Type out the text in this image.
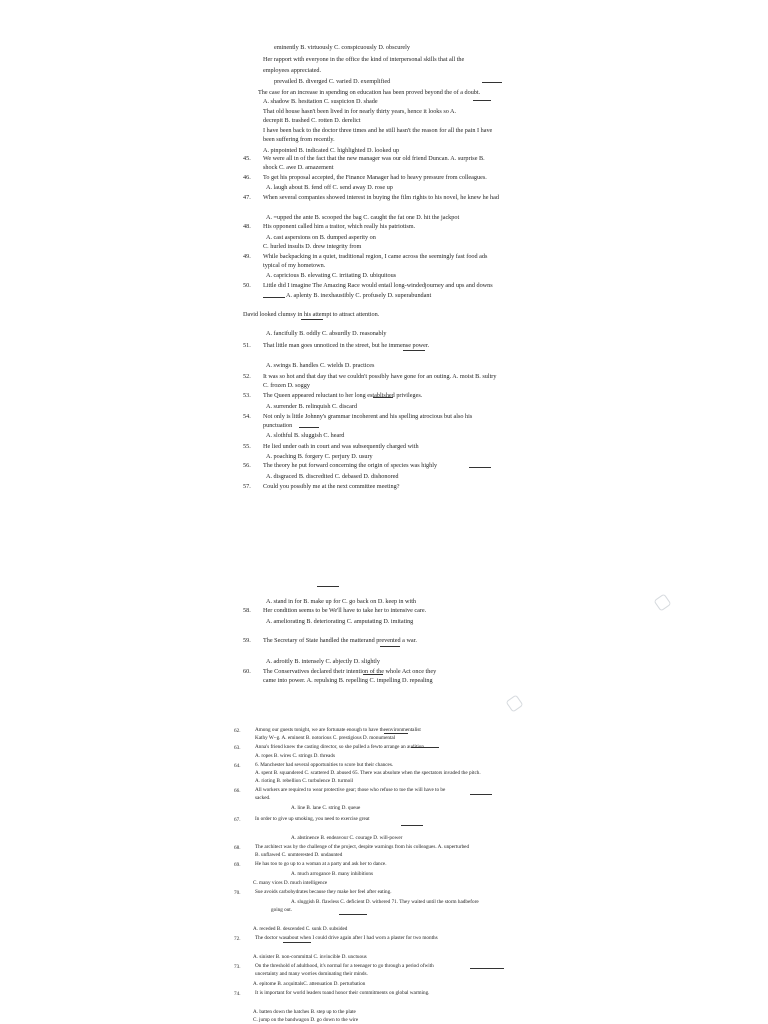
eminently B. virtuously C. conspicuously D. obscurely
Her rapport with everyone in the office the kind of interpersonal skills that all the
employees appreciated.
prevailed B. diverged C. varied D. exemplified
The case for an increase in spending on education has been proved beyond the of a doubt.
A. shadow B. hesitation C. suspicion D. shade
That old house hasn't been lived in for nearly thirty years, hence it looks so A.
decrepit B. trashed C. rotten D. derelict
I have been back to the doctor three times and he still hasn't the reason for all the pain I have
been suffering from recently.
A. pinpointed B. indicated C. highlighted D. looked up
45. We were all in of the fact that the new manager was our old friend Duncan. A. surprise B.
shock C. awe D. amazement
46. To get his proposal accepted, the Finance Manager had to heavy pressure from colleagues.
A. laugh about B. fend off C. send away D. rose up
47. When several companies showed interest in buying the film rights to his novel, he knew he had
A. =upped the ante B. scooped the bag C. caught the fat one D. hit the jackpot
48. His opponent called him a traitor, which really his patriotism.
A. cast aspersions on B. dumped asperity on
C. hurled insults D. drew integrity from
49. While backpacking in a quiet, traditional region, I came across the seemingly fast food ads
typical of my hometown.
A. capricious B. elevating C. irritating D. ubiquitous
50. Little did I imagine The Amazing Race would entail long-windedjourney and ups and downs
A. aplenty B. inexhaustibly C. profusely D. superabundant
David looked clumsy in his attempt to attract attention.
A. fancifully B. oddly C. absurdly D. reasonably
51. That little man goes unnoticed in the street, but he immense power.
A. swings B. handles C. wields D. practices
52. It was so hot and that day that we couldn't possibly have gone for an outing. A. moist B. sultry
C. frozen D. soggy
53. The Queen appeared reluctant to her long established privileges.
A. surrender B. relinquish C. discard
54. Not only is little Johnny's grammar incoherent and his spelling atrocious but also his
punctuation
A. slothful B. sluggish C. heard
55. He lied under oath in court and was subsequently charged with
A. poaching B. forgery C. perjury D. usury
56. The theory he put forward concerning the origin of species was highly
A. disgraced B. discredited C. debased D. dishonored
57. Could you possibly me at the next committee meeting?
A. stand in for B. make up for C. go back on D. keep in with
58. Her condition seems to be We'll have to take her to intensive care.
A. ameliorating B. deteriorating C. amputating D. imitating
59. The Secretary of State handled the matterand prevented a war.
A. adroitly B. intensely C. abjectly D. slightly
60. The Conservatives declared their intention of the whole Act once they
came into power. A. repulsing B. repelling C. impelling D. repealing
62.	Among our guests tonight, we are fortunate enough to have theenvironmentalist
Kathy W~g. A. eminent B. notorious C. prestigious D. monumental
63.	Anna's friend knew the casting director, so she pulled a fewto arrange an audition.
A. ropes B. wires C. strings D. threads
64.	6. Manchester had several opportunities to score but their chances.
A. spent B. squandered C. scattered D. abused 65. There was absolute when the spectators invaded the pitch.
A. rioting B. rebellion C. turbulence D. turmoil
66.	All workers are required to wear protective gear; those who refuse to toe the will have to be
sacked.
A. line B. lane C. string D. queue
67.	In order to give up smoking, you need to exercise great
A. abstinence B. endeavour C. courage D. will-power
68.	The architect was by the challenge of the project, despite warnings from his colleagues. A. unperturbed
B. unflawed C. unmterested D. undaunted
69.	He has too to go up to a woman at a party and ask her to dance.
A. much arrogance B. many inhibitions
C. many vices D. much intelligence
70.	Sue avoids carbohydrates because they make her feel after eating.
A. sluggish B. flawless C. deficient D. withered 71. They waited until the storm hadbefore
going out.
A. receded B. descended C. sunk D. subsided
72.	The doctor wasabout when I could drive again after I had worn a plaster for two months
A. sinister B. non-committal C. invincible D. unctuous
73.	On the threshold of adulthood, it's normal for a teenager to go through a period ofwith
uncertainty and many worries dominating their minds.
A. epitome B. acquittalsC. attenuation D. perturbation
74.	It is important for world leaders toand honor their commitments on global warming.
A. batten down the hatches B. step up to the plate
C. jump on the bandwagon D. go down to the wire
